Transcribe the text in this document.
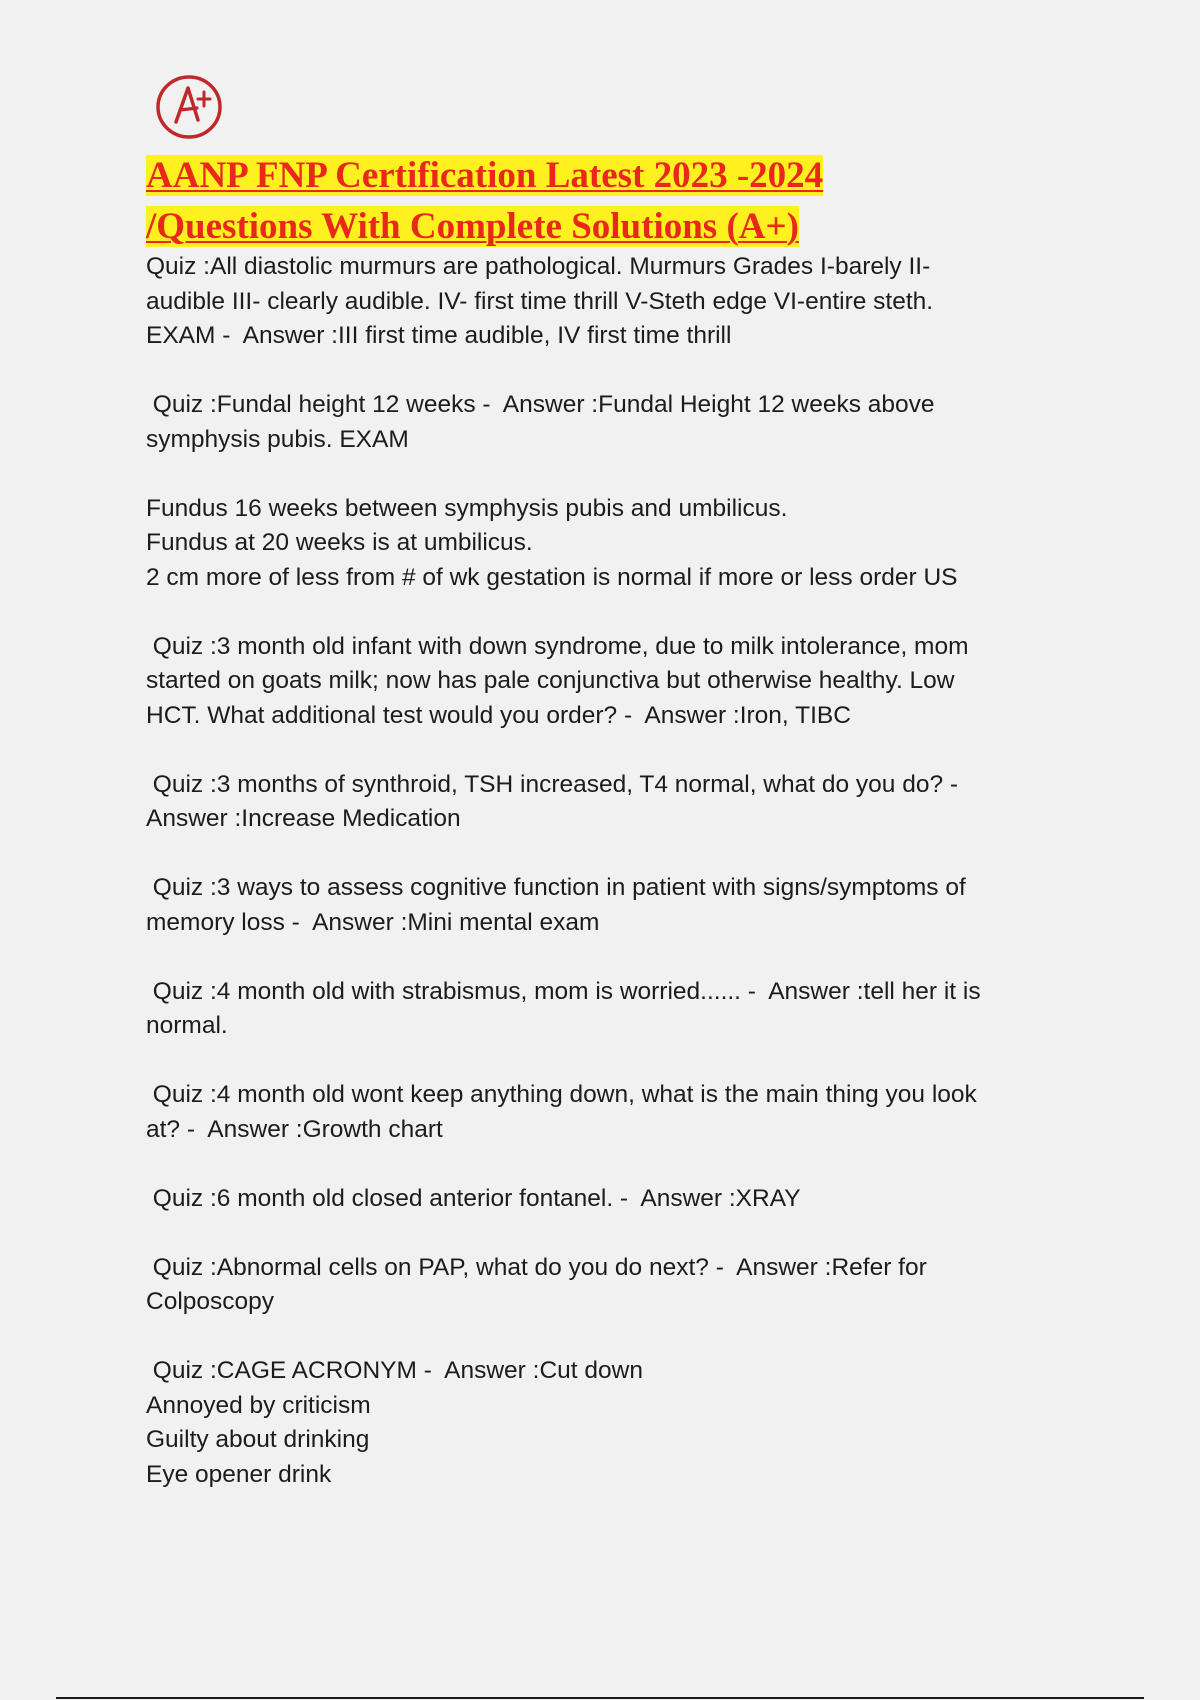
A+
AANP FNP Certification Latest 2023 -2024
/Questions With Complete Solutions (A+)
Quiz :All diastolic murmurs are pathological. Murmurs Grades I-barely II-
audible III- clearly audible. IV- first time thrill V-Steth edge VI-entire steth.
EXAM -  Answer :III first time audible, IV first time thrill
Quiz :Fundal height 12 weeks -  Answer :Fundal Height 12 weeks above
symphysis pubis. EXAM
Fundus 16 weeks between symphysis pubis and umbilicus.
Fundus at 20 weeks is at umbilicus.
2 cm more of less from # of wk gestation is normal if more or less order US
Quiz :3 month old infant with down syndrome, due to milk intolerance, mom
started on goats milk; now has pale conjunctiva but otherwise healthy. Low
HCT. What additional test would you order? -  Answer :Iron, TIBC
Quiz :3 months of synthroid, TSH increased, T4 normal, what do you do? -
Answer :Increase Medication
Quiz :3 ways to assess cognitive function in patient with signs/symptoms of
memory loss -  Answer :Mini mental exam
Quiz :4 month old with strabismus, mom is worried...... -  Answer :tell her it is
normal.
Quiz :4 month old wont keep anything down, what is the main thing you look
at? -  Answer :Growth chart
Quiz :6 month old closed anterior fontanel. -  Answer :XRAY
Quiz :Abnormal cells on PAP, what do you do next? -  Answer :Refer for
Colposcopy
Quiz :CAGE ACRONYM -  Answer :Cut down
Annoyed by criticism
Guilty about drinking
Eye opener drink
